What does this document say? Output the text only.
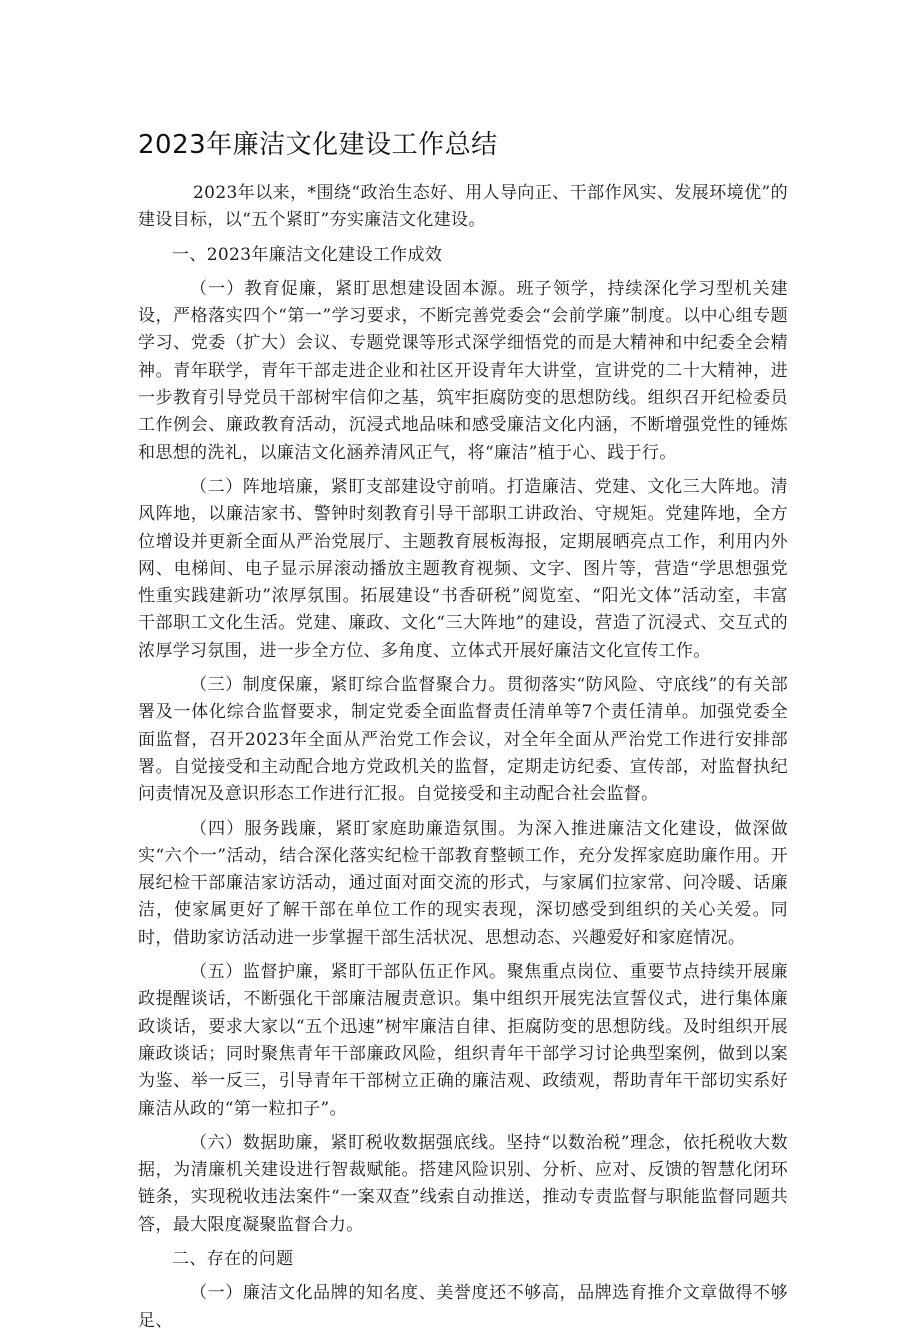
2023年廉洁文化建设工作总结

2023年以来，*围绕“政治生态好、用人导向正、干部作风实、发展环境优”的建设目标，以“五个紧盯”夯实廉洁文化建设。

一、2023年廉洁文化建设工作成效

（一）教育促廉，紧盯思想建设固本源。班子领学，持续深化学习型机关建设，严格落实四个“第一”学习要求，不断完善党委会“会前学廉”制度。以中心组专题学习、党委（扩大）会议、专题党课等形式深学细悟党的而是大精神和中纪委全会精神。青年联学，青年干部走进企业和社区开设青年大讲堂，宣讲党的二十大精神，进一步教育引导党员干部树牢信仰之基，筑牢拒腐防变的思想防线。组织召开纪检委员工作例会、廉政教育活动，沉浸式地品味和感受廉洁文化内涵，不断增强党性的锤炼和思想的洗礼，以廉洁文化涵养清风正气，将“廉洁”植于心、践于行。

（二）阵地培廉，紧盯支部建设守前哨。打造廉洁、党建、文化三大阵地。清风阵地，以廉洁家书、警钟时刻教育引导干部职工讲政治、守规矩。党建阵地，全方位增设并更新全面从严治党展厅、主题教育展板海报，定期展晒亮点工作，利用内外网、电梯间、电子显示屏滚动播放主题教育视频、文字、图片等，营造“学思想强党性重实践建新功”浓厚氛围。拓展建设“书香研税”阅览室、“阳光文体”活动室，丰富干部职工文化生活。党建、廉政、文化“三大阵地”的建设，营造了沉浸式、交互式的浓厚学习氛围，进一步全方位、多角度、立体式开展好廉洁文化宣传工作。

（三）制度保廉，紧盯综合监督聚合力。贯彻落实“防风险、守底线”的有关部署及一体化综合监督要求，制定党委全面监督责任清单等7个责任清单。加强党委全面监督，召开2023年全面从严治党工作会议，对全年全面从严治党工作进行安排部署。自觉接受和主动配合地方党政机关的监督，定期走访纪委、宣传部，对监督执纪问责情况及意识形态工作进行汇报。自觉接受和主动配合社会监督。

（四）服务践廉，紧盯家庭助廉造氛围。为深入推进廉洁文化建设，做深做实“六个一”活动，结合深化落实纪检干部教育整顿工作，充分发挥家庭助廉作用。开展纪检干部廉洁家访活动，通过面对面交流的形式，与家属们拉家常、问冷暖、话廉洁，使家属更好了解干部在单位工作的现实表现，深切感受到组织的关心关爱。同时，借助家访活动进一步掌握干部生活状况、思想动态、兴趣爱好和家庭情况。

（五）监督护廉，紧盯干部队伍正作风。聚焦重点岗位、重要节点持续开展廉政提醒谈话，不断强化干部廉洁履责意识。集中组织开展宪法宣誓仪式，进行集体廉政谈话，要求大家以“五个迅速”树牢廉洁自律、拒腐防变的思想防线。及时组织开展廉政谈话；同时聚焦青年干部廉政风险，组织青年干部学习讨论典型案例，做到以案为鉴、举一反三，引导青年干部树立正确的廉洁观、政绩观，帮助青年干部切实系好廉洁从政的“第一粒扣子”。

（六）数据助廉，紧盯税收数据强底线。坚持“以数治税”理念，依托税收大数据，为清廉机关建设进行智裁赋能。搭建风险识别、分析、应对、反馈的智慧化闭环链条，实现税收违法案件“一案双查”线索自动推送，推动专责监督与职能监督同题共答，最大限度凝聚监督合力。

二、存在的问题

（一）廉洁文化品牌的知名度、美誉度还不够高，品牌选育推介文章做得不够足、
